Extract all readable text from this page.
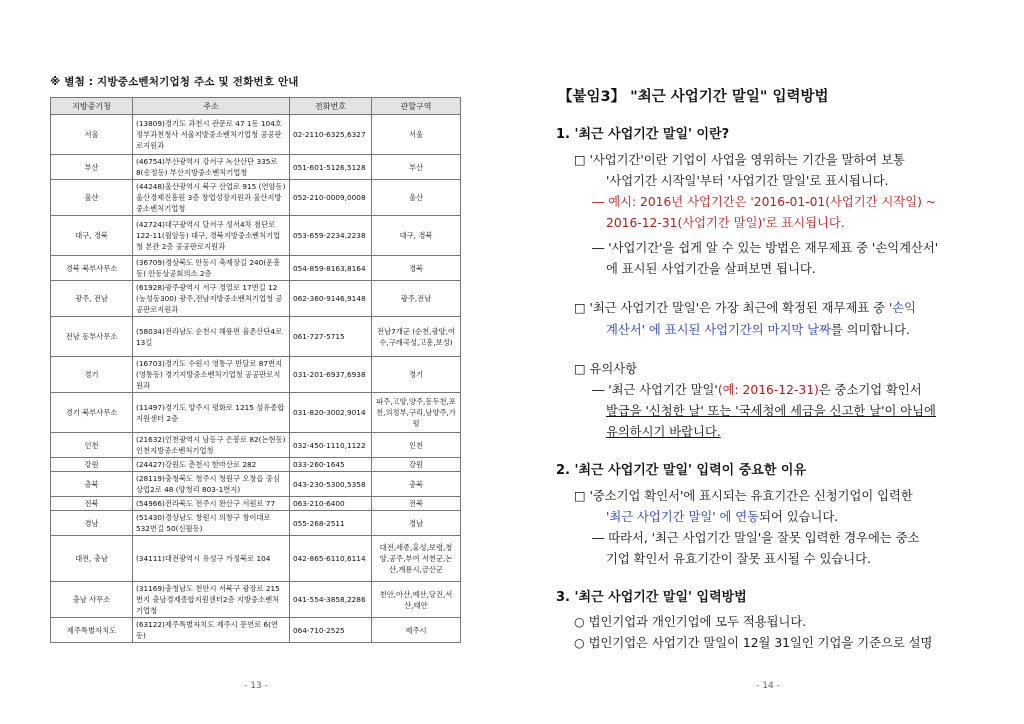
※ 별첨 : 지방중소벤처기업청 주소 및 전화번호 안내
지방중기청	주소	전화번호	관할구역
서울	(13809)경기도 과천시 관문로 47 1동 104호 정부과천청사 서울지방중소벤처기업청 공공판로지원과	02-2110-6325,6327	서울
부산	(46754)부산광역시 강서구 녹산산단 335로 8(송정동) 부산지방중소벤처기업청	051-601-5126,5128	부산
울산	(44248)울산광역시 북구 산업로 915 (연암동) 울산경제진흥원 3층 창업성장지원과 울산지방중소벤처기업청	052-210-0009,0008	울산
대구, 경북	(42724)대구광역시 달서구 성서4차 첨단로 122-11(월암동) 대구, 경북지방중소벤처기업청 본관 2층 공공판로지원과	053-659-2234,2238	대구, 경북
경북 북부사무소	(36709)경상북도 안동시 축제장길 240(운흥동) 안동상공회의소 2층	054-859-8163,8164	경북
광주, 전남	(61928)광주광역시 서구 경열로 17번길 12 (농성동300) 광주,전남지방중소벤처기업청 공공판로지원과	062-360-9146,9148	광주,전남
전남 동부사무소	(58034)전라남도 순천시 해룡면 율촌산단4로 13길	061-727-5715	전남7개군 (순천,광양,여수,구례곡성,고흥,보성)
경기	(16703)경기도 수원시 영통구 반달로 87번지(영통동) 경기지방중소벤처기업청 공공판로지원과	031-201-6937,6938	경기
경기 북부사무소	(11497)경기도 양주시 평화로 1215 섬유종합지원센터 2층	031-820-3002,9014	파주,고양,양주,동두천,포천,의정부,구리,남양주,가평
인천	(21632)인천광역시 남동구 은봉로 82(논현동)인천지방중소벤처기업청	032-450-1110,1122	인천
강원	(24427)강원도 춘천시 한마산로 282	033-260-1645	강원
충북	(28119)충청북도 청주시 청원구 오창읍 중심상업2로 48 (양청리 803-1번지)	043-230-5300,5358	충북
전북	(54966)전라북도 전주시 완산구 서원로 77	063-210-6400	전북
경남	(51430)경상남도 창원시 의창구 창이대로 532번길 50(신월동)	055-268-2511	경남
대전, 충남	(34111)대전광역시 유성구 가정북로 104	042-865-6110,6114	대전,세종,홍성,보령,청양,공주,부여 서천군,논산,계룡시,금산군
충남 사무소	(31169)충청남도 천안시 서북구 광장로 215번지 충남경제종합지원센터2층 지방중소벤처기업청	041-554-3858,2286	천안,아산,예산,당진,서산,태안
제주특별자치도	(63122)제주특별자치도 제주시 문연로 6(연동)	064-710-2525	제주시
- 13 -
【붙임3】 "최근 사업기간 말일" 입력방법
1. '최근 사업기간 말일' 이란?
□ '사업기간'이란 기업이 사업을 영위하는 기간을 말하여 보통
'사업기간 시작일'부터 '사업기간 말일'로 표시됩니다.
― 예시: 2016년 사업기간은 '2016-01-01(사업기간 시작일) ~
2016-12-31(사업기간 말일)'로 표시됩니다.
― '사업기간'을 쉽게 알 수 있는 방법은 재무제표 중 '손익계산서'
에 표시된 사업기간을 살펴보면 됩니다.
□ '최근 사업기간 말일'은 가장 최근에 확정된 재무제표 중 '손익
계산서' 에 표시된 사업기간의 마지막 날짜를 의미합니다.
□ 유의사항
― '최근 사업기간 말일'(예: 2016-12-31)은 중소기업 확인서
발급을 '신청한 날' 또는 '국세청에 세금을 신고한 날'이 아님에
유의하시기 바랍니다.
2. '최근 사업기간 말일' 입력이 중요한 이유
□ '중소기업 확인서'에 표시되는 유효기간은 신청기업이 입력한
'최근 사업기간 말일' 에 연동되어 있습니다.
― 따라서, '최근 사업기간 말일'을 잘못 입력한 경우에는 중소
기업 확인서 유효기간이 잘못 표시될 수 있습니다.
3. '최근 사업기간 말일' 입력방법
○ 법인기업과 개인기업에 모두 적용됩니다.
○ 법인기업은 사업기간 말일이 12월 31일인 기업을 기준으로 설명
- 14 -
